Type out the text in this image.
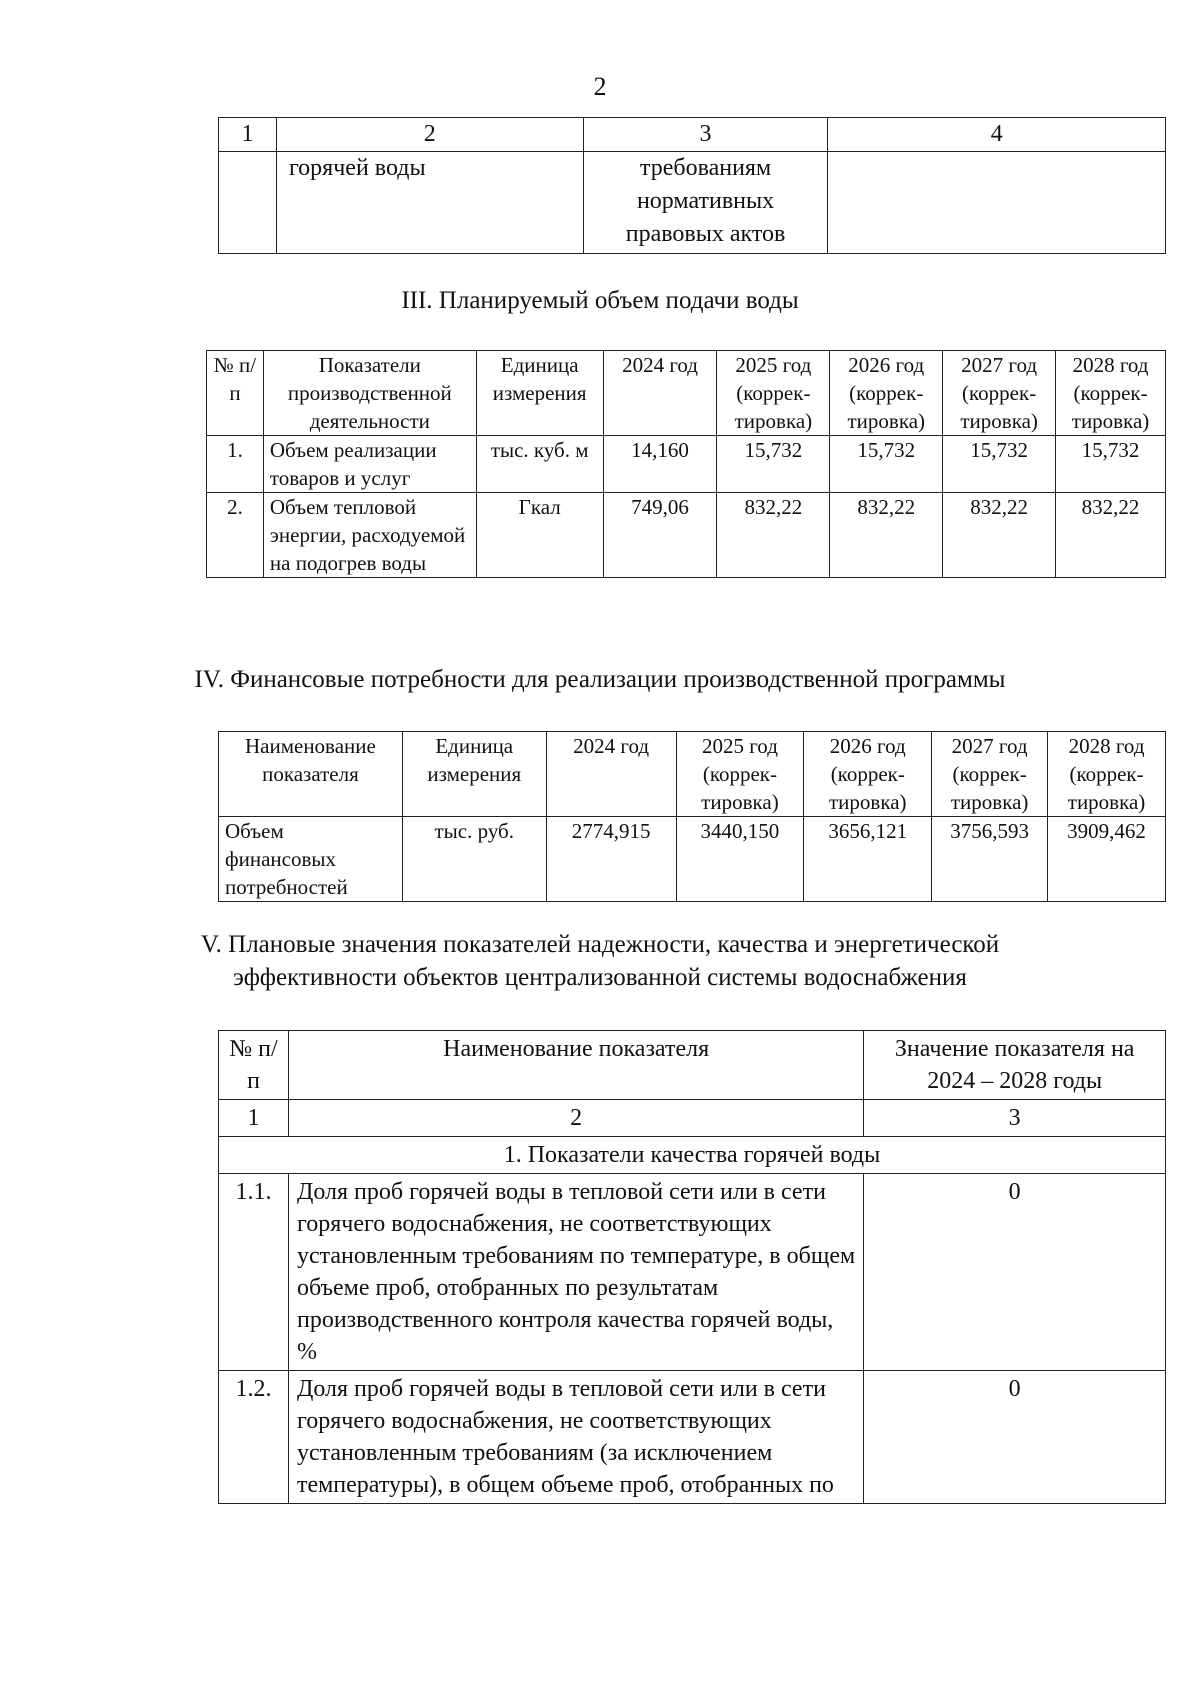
2
1	2	3	4
	горячей воды	требованиям нормативных правовых актов	
III. Планируемый объем подачи воды
№ п/п	Показатели производственной деятельности	Единица измерения	2024 год	2025 год (коррек-тировка)	2026 год (коррек-тировка)	2027 год (коррек-тировка)	2028 год (коррек-тировка)
1.	Объем реализации товаров и услуг	тыс. куб. м	14,160	15,732	15,732	15,732	15,732
2.	Объем тепловой энергии, расходуемой на подогрев воды	Гкал	749,06	832,22	832,22	832,22	832,22
IV. Финансовые потребности для реализации производственной программы
Наименование показателя	Единица измерения	2024 год	2025 год (коррек-тировка)	2026 год (коррек-тировка)	2027 год (коррек-тировка)	2028 год (коррек-тировка)
Объем финансовых потребностей	тыс. руб.	2774,915	3440,150	3656,121	3756,593	3909,462
V. Плановые значения показателей надежности, качества и энергетической
эффективности объектов централизованной системы водоснабжения
№ п/п	Наименование показателя	Значение показателя на 2024 – 2028 годы
1	2	3
1. Показатели качества горячей воды		
1.1.	Доля проб горячей воды в тепловой сети или в сети горячего водоснабжения, не соответствующих установленным требованиям по температуре, в общем объеме проб, отобранных по результатам производственного контроля качества горячей воды, %	0
1.2.	Доля проб горячей воды в тепловой сети или в сети горячего водоснабжения, не соответствующих установленным требованиям (за исключением температуры), в общем объеме проб, отобранных по	0
